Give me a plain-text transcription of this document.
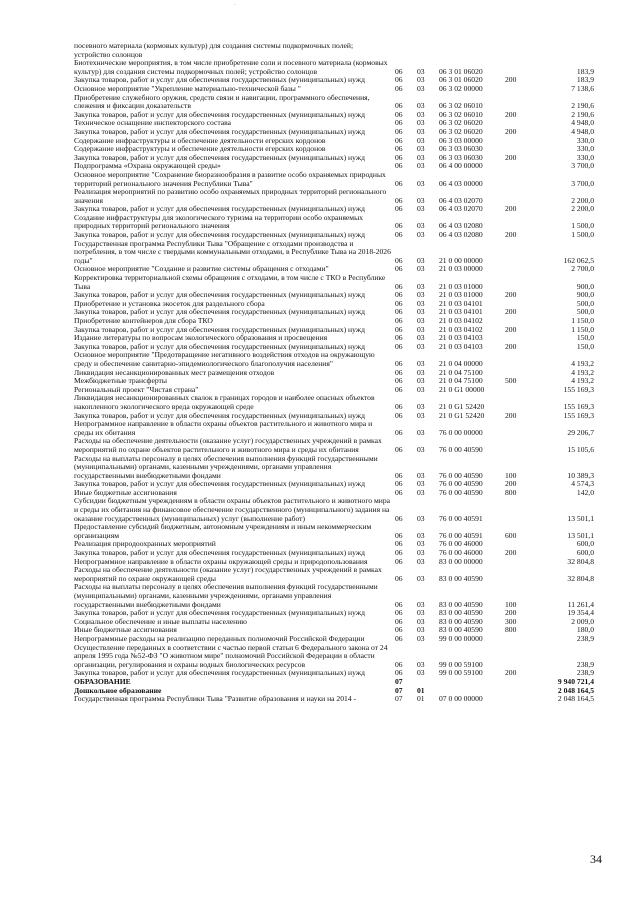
·
посевного материала (кормовых культур) для создания системы подкормочных полей; устройство солонцов
Биотехнические мероприятия, в том числе приобретение соли и посевного материала (кормовых культур) для создания системы подкормочных полей; устройство солонцов	06	03	06 3 01 06020	183,9
Закупка товаров, работ и услуг для обеспечения государственных (муниципальных) нужд	06	03	06 3 01 06020	200	183,9
Основное мероприятие "Укрепление материально-технической базы "	06	03	06 3 02 00000	7 138,6
Приобретение служебного оружия, средств связи и навигации, программного обеспечения, слежения и фиксации доказательств	06	03	06 3 02 06010	2 190,6
Закупка товаров, работ и услуг для обеспечения государственных (муниципальных) нужд	06	03	06 3 02 06010	200	2 190,6
Техническое оснащение инспекторского состава	06	03	06 3 02 06020	4 948,0
Закупка товаров, работ и услуг для обеспечения государственных (муниципальных) нужд	06	03	06 3 02 06020	200	4 948,0
Содержание инфраструктуры и обеспечение деятельности егерских кордонов	06	03	06 3 03 00000	330,0
Содержание инфраструктуры и обеспечение деятельности егерских кордонов	06	03	06 3 03 06030	330,0
Закупка товаров, работ и услуг для обеспечения государственных (муниципальных) нужд	06	03	06 3 03 06030	200	330,0
Подпрограмма «Охрана окружающей среды»	06	03	06 4 00 00000	3 700,0
Основное мероприятие "Сохранение биоразнообразия в развитие особо охраняемых природных территорий регионального значения Республики Тыва"	06	03	06 4 03 00000	3 700,0
Реализация мероприятий по развитию особо охраняемых природных территорий регионального значения	06	03	06 4 03 02070	2 200,0
Закупка товаров, работ и услуг для обеспечения государственных (муниципальных) нужд	06	03	06 4 03 02070	200	2 200,0
Создание инфраструктуры для экологического туризма на территории особо охраняемых природных территорий регионального значения	06	03	06 4 03 02080	1 500,0
Закупка товаров, работ и услуг для обеспечения государственных (муниципальных) нужд	06	03	06 4 03 02080	200	1 500,0
Государственная программа Республики Тыва "Обращение с отходами производства и потребления, в том числе с твердыми коммунальными отходами, в Республике Тыва на 2018-2026 годы"	06	03	21 0 00 00000	162 062,5
Основное мероприятие "Создание и развитие системы обращения с отходами"	06	03	21 0 03 00000	2 700,0
Корректировка территориальной схемы обращения с отходами, в том числе с ТКО в Республике Тыва	06	03	21 0 03 01000	900,0
Закупка товаров, работ и услуг для обеспечения государственных (муниципальных) нужд	06	03	21 0 03 01000	200	900,0
Приобретение и установка экосеток для раздельного сбора	06	03	21 0 03 04101	500,0
Закупка товаров, работ и услуг для обеспечения государственных (муниципальных) нужд	06	03	21 0 03 04101	200	500,0
Приобретение контейнеров для сбора ТКО	06	03	21 0 03 04102	1 150,0
Закупка товаров, работ и услуг для обеспечения государственных (муниципальных) нужд	06	03	21 0 03 04102	200	1 150,0
Издание литературы по вопросам экологического образования и просвещения	06	03	21 0 03 04103	150,0
Закупка товаров, работ и услуг для обеспечения государственных (муниципальных) нужд	06	03	21 0 03 04103	200	150,0
Основное мероприятие "Предотвращение негативного воздействия отходов на окружающую среду и обеспечение санитарно-эпидемиологического благополучия населения"	06	03	21 0 04 00000	4 193,2
Ликвидация несанкционированных мест размещения отходов	06	03	21 0 04 75100	4 193,2
Межбюджетные трансферты	06	03	21 0 04 75100	500	4 193,2
Региональный проект "Чистая страна"	06	03	21 0 G1 00000	155 169,3
Ликвидация несанкционированных свалок в границах городов и наиболее опасных объектов накопленного экологического вреда окружающей среде	06	03	21 0 G1 52420	155 169,3
Закупка товаров, работ и услуг для обеспечения государственных (муниципальных) нужд	06	03	21 0 G1 52420	200	155 169,3
Непрограммное направление в области охраны объектов растительного и животного мира и среды их обитания	06	03	76 0 00 00000	29 206,7
Расходы на обеспечение деятельности (оказание услуг) государственных учреждений в рамках мероприятий по охране объектов растительного и животного мира и среды их обитания	06	03	76 0 00 40590	15 105,6
Расходы на выплаты персоналу в целях обеспечения выполнения функций государственными (муниципальными) органами, казенными учреждениями, органами управления государственными внебюджетными фондами	06	03	76 0 00 40590	100	10 389,3
Закупка товаров, работ и услуг для обеспечения государственных (муниципальных) нужд	06	03	76 0 00 40590	200	4 574,3
Иные бюджетные ассигнования	06	03	76 0 00 40590	800	142,0
Субсидии бюджетным учреждениям в области охраны объектов растительного и животного мира и среды их обитания на финансовое обеспечение государственного (муниципального) задания на оказание государственных (муниципальных) услуг (выполнение работ)	06	03	76 0 00 40591	13 501,1
Предоставление субсидий бюджетным, автономным учреждениям и иным некоммерческим организациям	06	03	76 0 00 40591	600	13 501,1
Реализация природоохранных мероприятий	06	03	76 0 00 46000	600,0
Закупка товаров, работ и услуг для обеспечения государственных (муниципальных) нужд	06	03	76 0 00 46000	200	600,0
Непрограммное направление в области охраны окружающей среды и природопользования	06	03	83 0 00 00000	32 804,8
Расходы на обеспечение деятельности (оказание услуг) государственных учреждений в рамках мероприятий по охране окружающей среды	06	03	83 0 00 40590	32 804,8
Расходы на выплаты персоналу в целях обеспечения выполнения функций государственными (муниципальными) органами, казенными учреждениями, органами управления государственными внебюджетными фондами	06	03	83 0 00 40590	100	11 261,4
Закупка товаров, работ и услуг для обеспечения государственных (муниципальных) нужд	06	03	83 0 00 40590	200	19 354,4
Социальное обеспечение и иные выплаты населению	06	03	83 0 00 40590	300	2 009,0
Иные бюджетные ассигнования	06	03	83 0 00 40590	800	180,0
Непрограммные расходы на реализацию переданных полномочий Российской Федерации	06	03	99 0 00 00000	238,9
Осуществление переданных в соответствии с частью первой статьи 6 Федерального закона от 24 апреля 1995 года №52-ФЗ "О животном мире" полномочий Российской Федерации в области организации, регулирования и охраны водных биологических ресурсов	06	03	99 0 00 59100	238,9
Закупка товаров, работ и услуг для обеспечения государственных (муниципальных) нужд	06	03	99 0 00 59100	200	238,9
ОБРАЗОВАНИЕ	07	9 940 721,4
Дошкольное образование	07	01	2 048 164,5
Государственная программа Республики Тыва "Развитие образования и науки на 2014 -	07	01	07 0 00 00000	2 048 164,5
34
